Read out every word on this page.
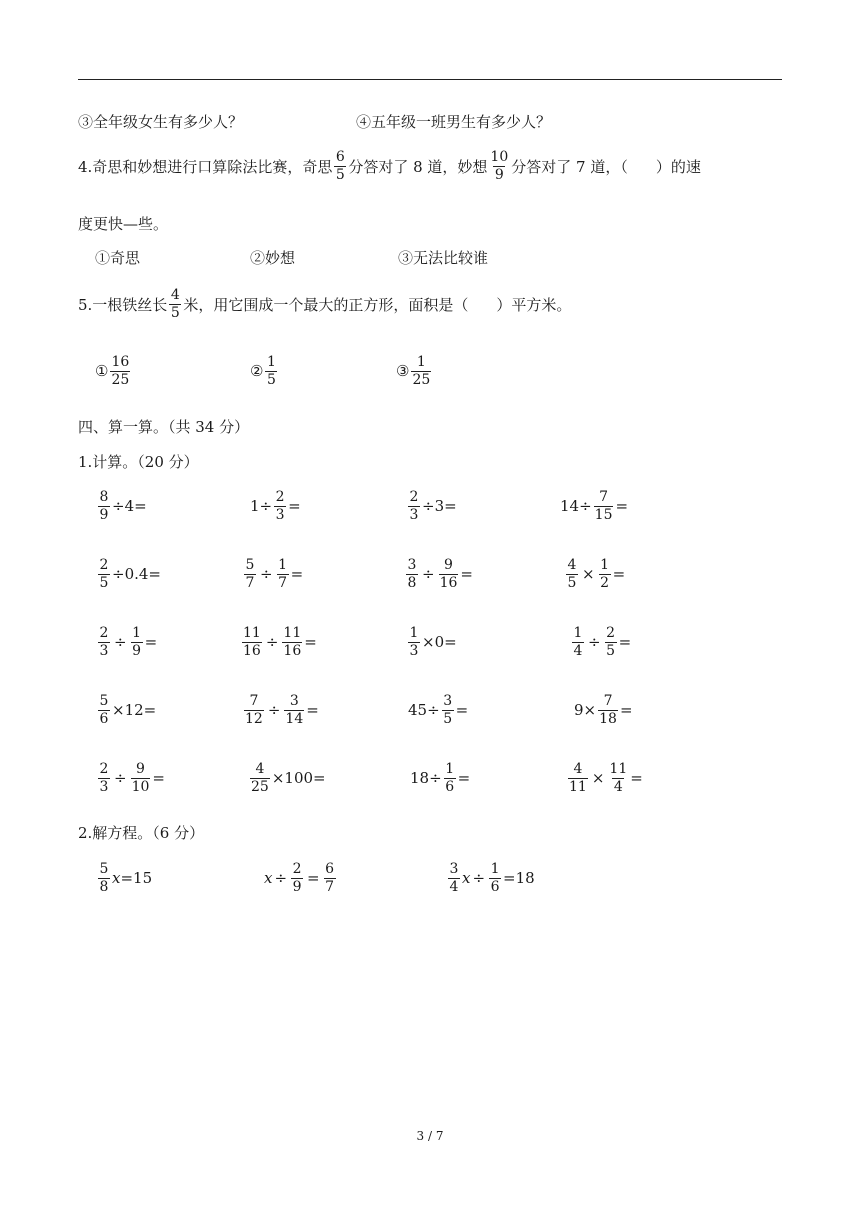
③全年级女生有多少人？	④五年级一班男生有多少人？
4.奇思和妙想进行口算除法比赛，奇思 $\frac{6}{5}$ 分答对了 8 道，妙想 $\frac{10}{9}$ 分答对了 7 道，（ ）的速
度更快—些。
①奇思	②妙想	③无法比较谁
5.一根铁丝长 $\frac{4}{5}$ 米，用它围成一个最大的正方形，面积是（ ）平方米。
① $\frac{16}{25}$	② $\frac{1}{5}$	③ $\frac{1}{25}$
四、算一算。（共 34 分）
1.计算。（20 分）
$\frac{8}{9} \div 4=$	$1\div \frac{2}{3}$ =	$\frac{2}{3} \div 3=$	$14\div \frac{7}{15}$ =
$\frac{2}{5} \div 0.4=$	$\frac{5}{7} \div \frac{1}{7}$ =	$\frac{3}{8} \div \frac{9}{16}$ =	$\frac{4}{5} \times \frac{1}{2}$ =
$\frac{2}{3} \div \frac{1}{9}$ =	$\frac{11}{16} \div \frac{11}{16}$ =	$\frac{1}{3} \times 0=$	$\frac{1}{4} \div \frac{2}{5}$ =
$\frac{5}{6} \times 12=$	$\frac{7}{12} \div \frac{3}{14}$ =	$45\div \frac{3}{5}$ =	$9\times \frac{7}{18}$ =
$\frac{2}{3} \div \frac{9}{10}$ =	$\frac{4}{25} \times 100=$	$18\div \frac{1}{6}$ =	$\frac{4}{11} \times \frac{11}{4}$ =
2.解方程。（6 分）
$\frac{5}{8}$ x =15	$x \div \frac{2}{9} = \frac{6}{7}$	$\frac{3}{4}$ $x \div \frac{1}{6} =18$
3 / 7
